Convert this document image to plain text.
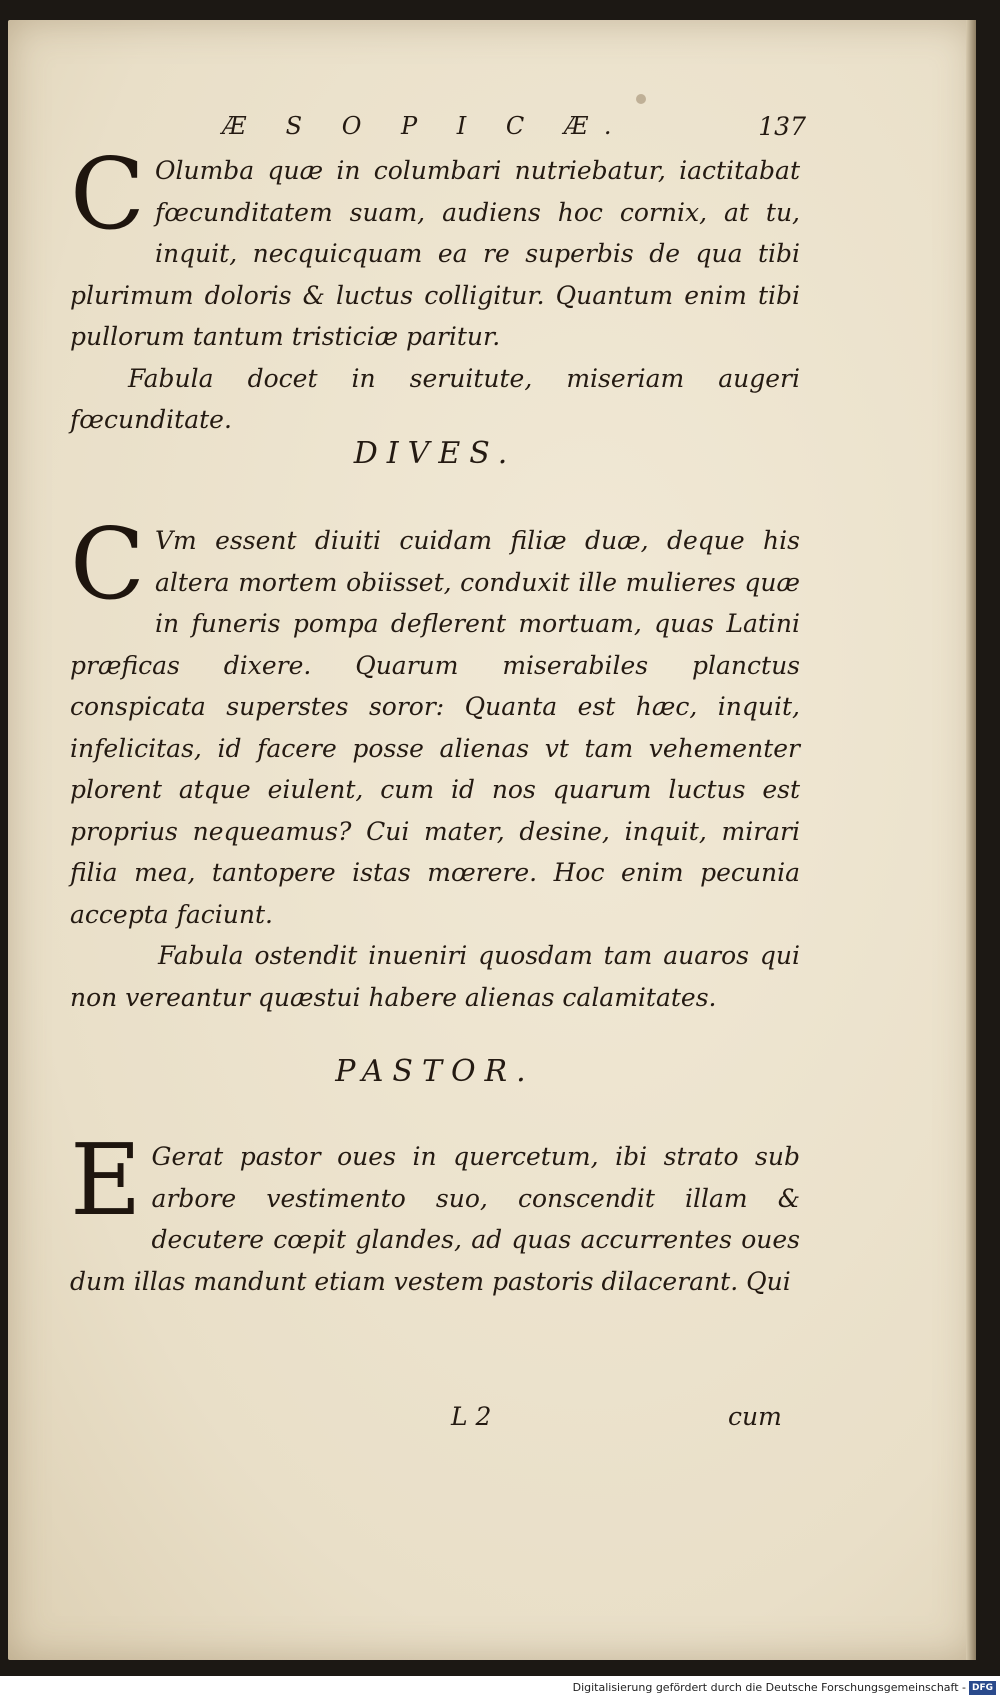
Æ S O P I C Æ.	137
C Olumba quæ in columbari nutriebatur, iactitabat fœcunditatem suam, audiens hoc cornix, at tu, inquit, necquicquam ea re superbis de qua tibi plurimum doloris & luctus colligitur. Quantum enim tibi pullorum tantum tristiciæ paritur.
Fabula docet in seruitute, miseriam augeri fœcunditate.
DIVES.
C Vm essent diuiti cuidam filiæ duæ, deque his altera mortem obiisset, conduxit ille mulieres quæ in funeris pompa deflerent mortuam, quas Latini præficas dixere. Quarum miserabiles planctus conspicata superstes soror: Quanta est hæc, inquit, infelicitas, id facere posse alienas vt tam vehementer plorent atque eiulent, cum id nos quarum luctus est proprius nequeamus? Cui mater, desine, inquit, mirari filia mea, tantopere istas mœrere. Hoc enim pecunia accepta faciunt.
Fabula ostendit inueniri quosdam tam auaros qui non vereantur quæstui habere alienas calamitates.
PASTOR.
E Gerat pastor oues in quercetum, ibi strato sub arbore vestimento suo, conscendit illam & decutere cœpit glandes, ad quas accurrentes oues dum illas mandunt etiam vestem pastoris dilacerant. Qui
L 2	cum
Digitalisierung gefördert durch die Deutsche Forschungsgemeinschaft - DFG
